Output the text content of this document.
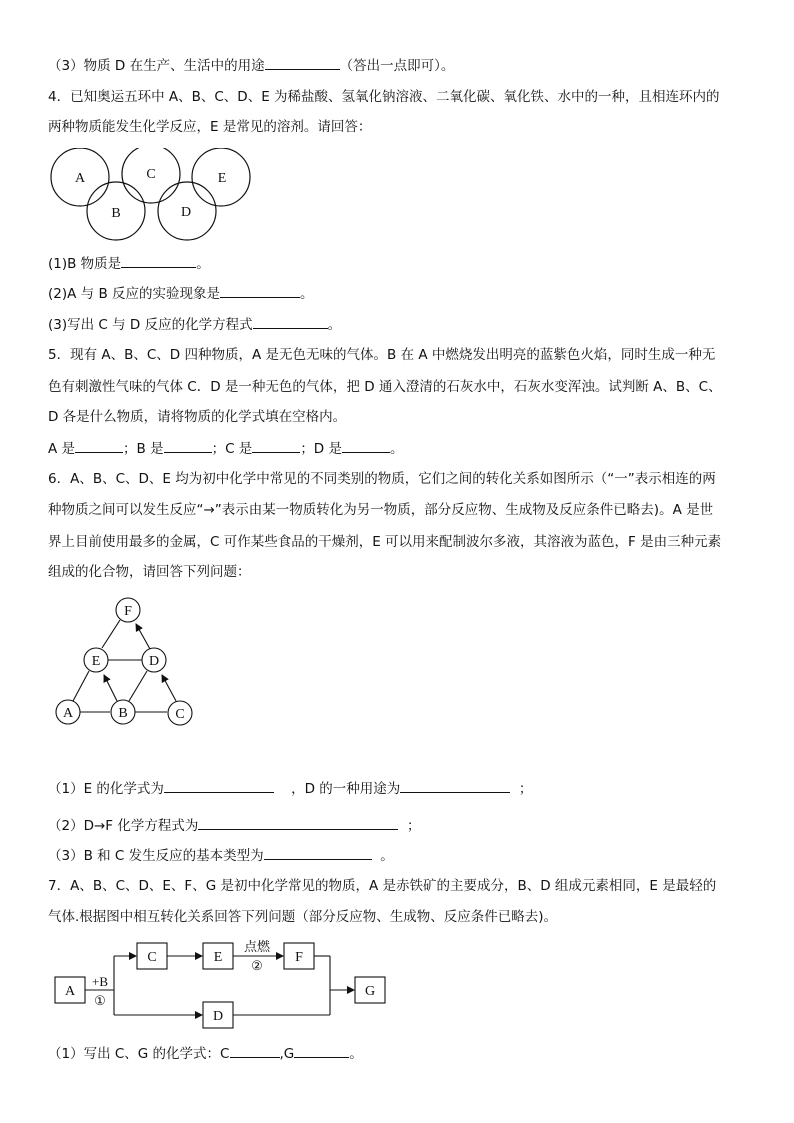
（3）物质 D 在生产、生活中的用途	（答出一点即可）。
4．已知奥运五环中 A、B、C、D、E 为稀盐酸、氢氧化钠溶液、二氧化碳、氧化铁、水中的一种，且相连环内的
两种物质能发生化学反应，E 是常见的溶剂。请回答：
A
B
C
D
E
(1)B 物质是	。
(2)A 与 B 反应的实验现象是	。
(3)写出 C 与 D 反应的化学方程式	。
5．现有 A、B、C、D 四种物质，A 是无色无味的气体。B 在 A 中燃烧发出明亮的蓝紫色火焰，同时生成一种无
色有刺激性气味的气体 C．D 是一种无色的气体，把 D 通入澄清的石灰水中，石灰水变浑浊。试判断 A、B、C、
D 各是什么物质，请将物质的化学式填在空格内。
A 是	；B 是	；C 是	；D 是	。
6．A、B、C、D、E 均为初中化学中常见的不同类别的物质，它们之间的转化关系如图所示（“一”表示相连的两
种物质之间可以发生反应“→”表示由某一物质转化为另一物质，部分反应物、生成物及反应条件已略去)。A 是世
界上目前使用最多的金属，C 可作某些食品的干燥剂，E 可以用来配制波尔多液，其溶液为蓝色，F 是由三种元素
组成的化合物，请回答下列问题：
F
E	D
A	B	C
（1）E 的化学式为	，D 的一种用途为	；
（2）D→F 化学方程式为	；
（3）B 和 C 发生反应的基本类型为	。
7．A、B、C、D、E、F、G 是初中化学常见的物质，A 是赤铁矿的主要成分，B、D 组成元素相同，E 是最轻的
气体.根据图中相互转化关系回答下列问题（部分反应物、生成物、反应条件已略去)。
A
C	E	F
D
G
+B
①
点燃
②
（1）写出 C、G 的化学式：C	,G	。
